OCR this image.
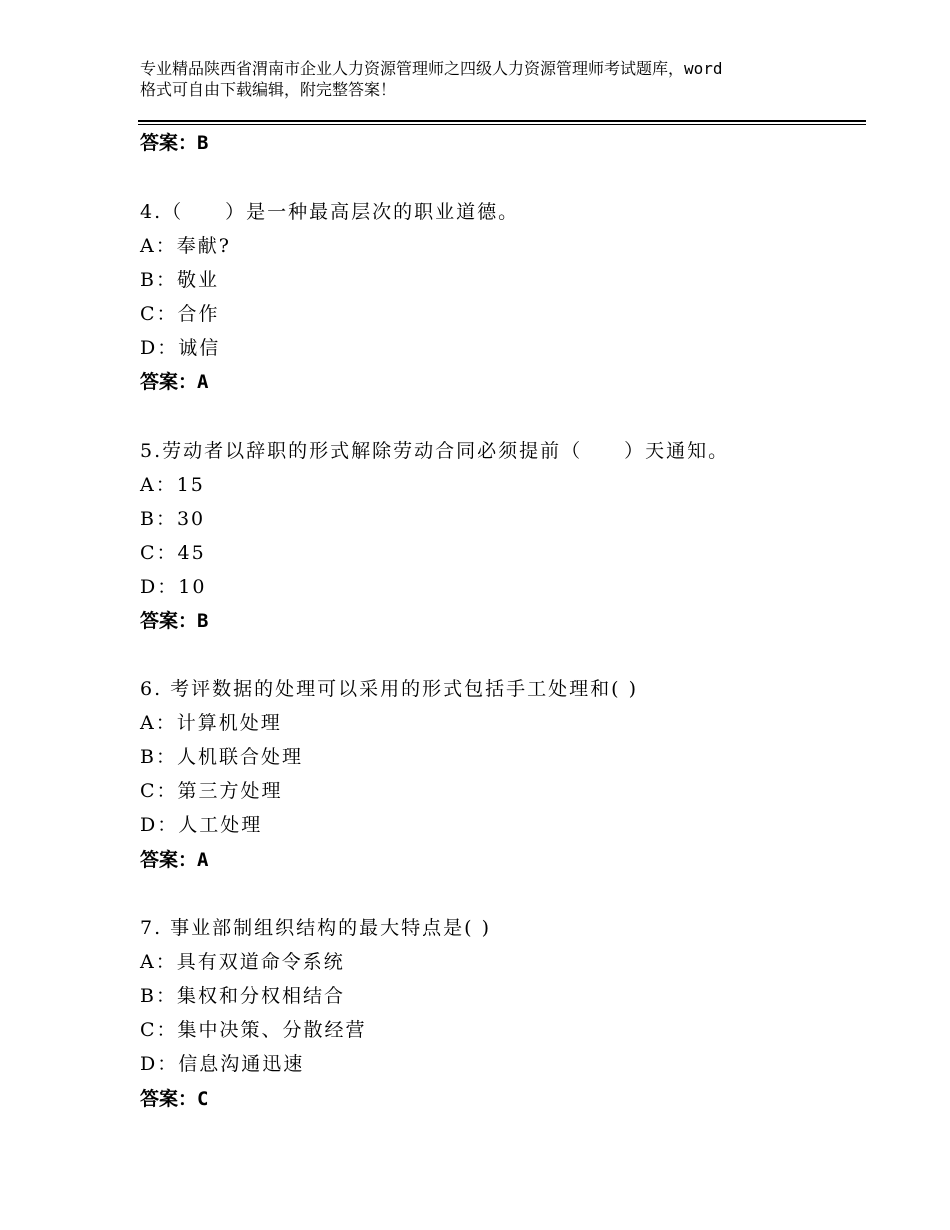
专业精品陕西省渭南市企业人力资源管理师之四级人力资源管理师考试题库，word
格式可自由下载编辑，附完整答案！
答案：B
4.（　　）是一种最高层次的职业道德。
A：奉献?
B：敬业
C：合作
D：诚信
答案：A
5.劳动者以辞职的形式解除劳动合同必须提前（　　）天通知。
A：15
B：30
C：45
D：10
答案：B
6. 考评数据的处理可以采用的形式包括手工处理和( )
A：计算机处理
B：人机联合处理
C：第三方处理
D：人工处理
答案：A
7. 事业部制组织结构的最大特点是( )
A：具有双道命令系统
B：集权和分权相结合
C：集中决策、分散经营
D：信息沟通迅速
答案：C
